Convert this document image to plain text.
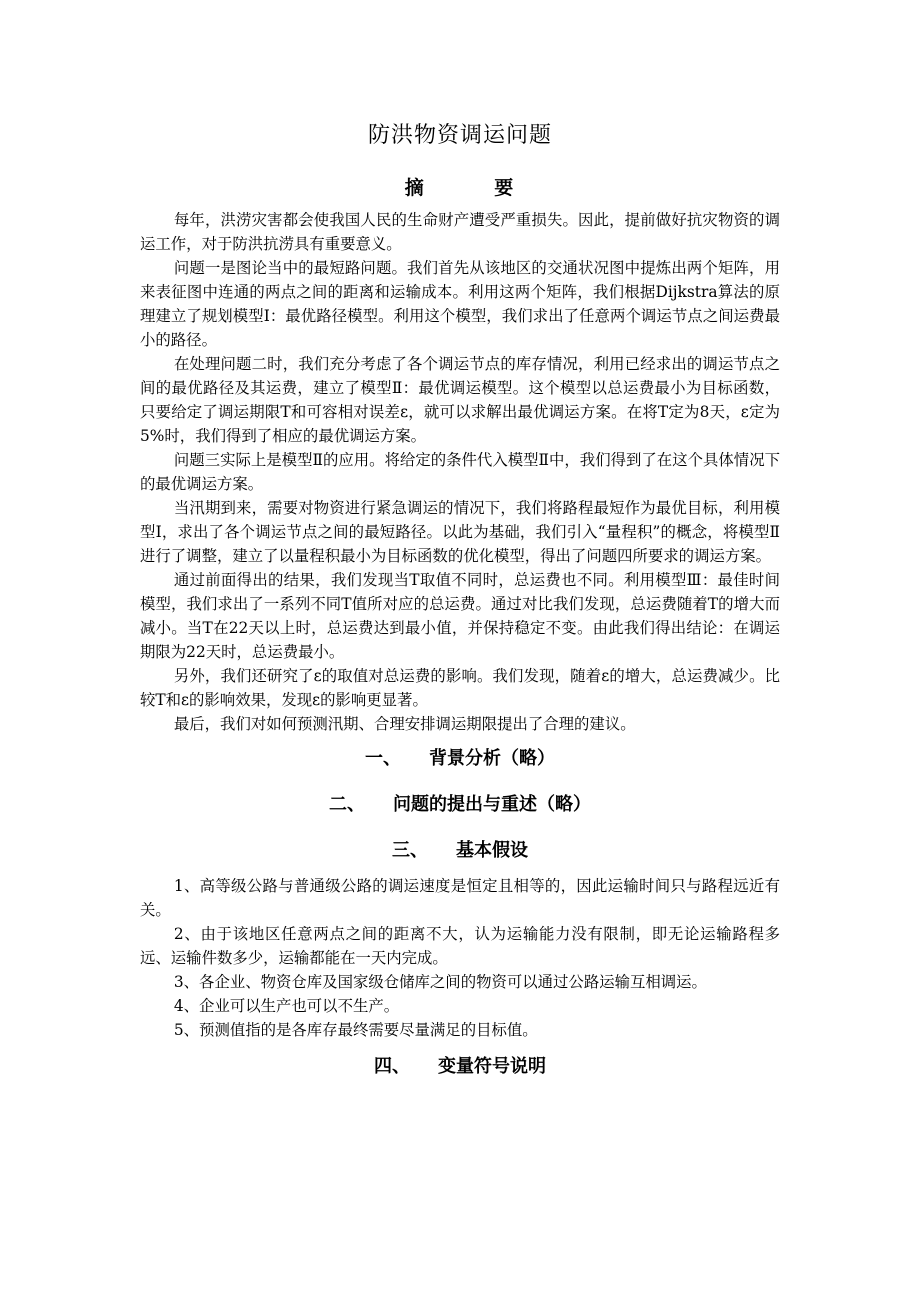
防洪物资调运问题
摘 要

每年，洪涝灾害都会使我国人民的生命财产遭受严重损失。因此，提前做好抗灾物资的调运工作，对于防洪抗涝具有重要意义。

问题一是图论当中的最短路问题。我们首先从该地区的交通状况图中提炼出两个矩阵，用来表征图中连通的两点之间的距离和运输成本。利用这两个矩阵，我们根据Dijkstra算法的原理建立了规划模型Ⅰ：最优路径模型。利用这个模型，我们求出了任意两个调运节点之间运费最小的路径。

在处理问题二时，我们充分考虑了各个调运节点的库存情况，利用已经求出的调运节点之间的最优路径及其运费，建立了模型Ⅱ：最优调运模型。这个模型以总运费最小为目标函数，只要给定了调运期限T和可容相对误差ε，就可以求解出最优调运方案。在将T定为8天，ε定为5%时，我们得到了相应的最优调运方案。

问题三实际上是模型Ⅱ的应用。将给定的条件代入模型Ⅱ中，我们得到了在这个具体情况下的最优调运方案。

当汛期到来，需要对物资进行紧急调运的情况下，我们将路程最短作为最优目标，利用模型Ⅰ，求出了各个调运节点之间的最短路径。以此为基础，我们引入“量程积”的概念，将模型Ⅱ进行了调整，建立了以量程积最小为目标函数的优化模型，得出了问题四所要求的调运方案。

通过前面得出的结果，我们发现当T取值不同时，总运费也不同。利用模型Ⅲ：最佳时间模型，我们求出了一系列不同T值所对应的总运费。通过对比我们发现，总运费随着T的增大而减小。当T在22天以上时，总运费达到最小值，并保持稳定不变。由此我们得出结论：在调运期限为22天时，总运费最小。

另外，我们还研究了ε的取值对总运费的影响。我们发现，随着ε的增大，总运费减少。比较T和ε的影响效果，发现ε的影响更显著。

最后，我们对如何预测汛期、合理安排调运期限提出了合理的建议。

一、 背景分析（略）
二、 问题的提出与重述（略）
三、 基本假设

1、高等级公路与普通级公路的调运速度是恒定且相等的，因此运输时间只与路程远近有关。

2、由于该地区任意两点之间的距离不大，认为运输能力没有限制，即无论运输路程多远、运输件数多少，运输都能在一天内完成。

3、各企业、物资仓库及国家级仓储库之间的物资可以通过公路运输互相调运。

4、企业可以生产也可以不生产。

5、预测值指的是各库存最终需要尽量满足的目标值。

四、 变量符号说明
